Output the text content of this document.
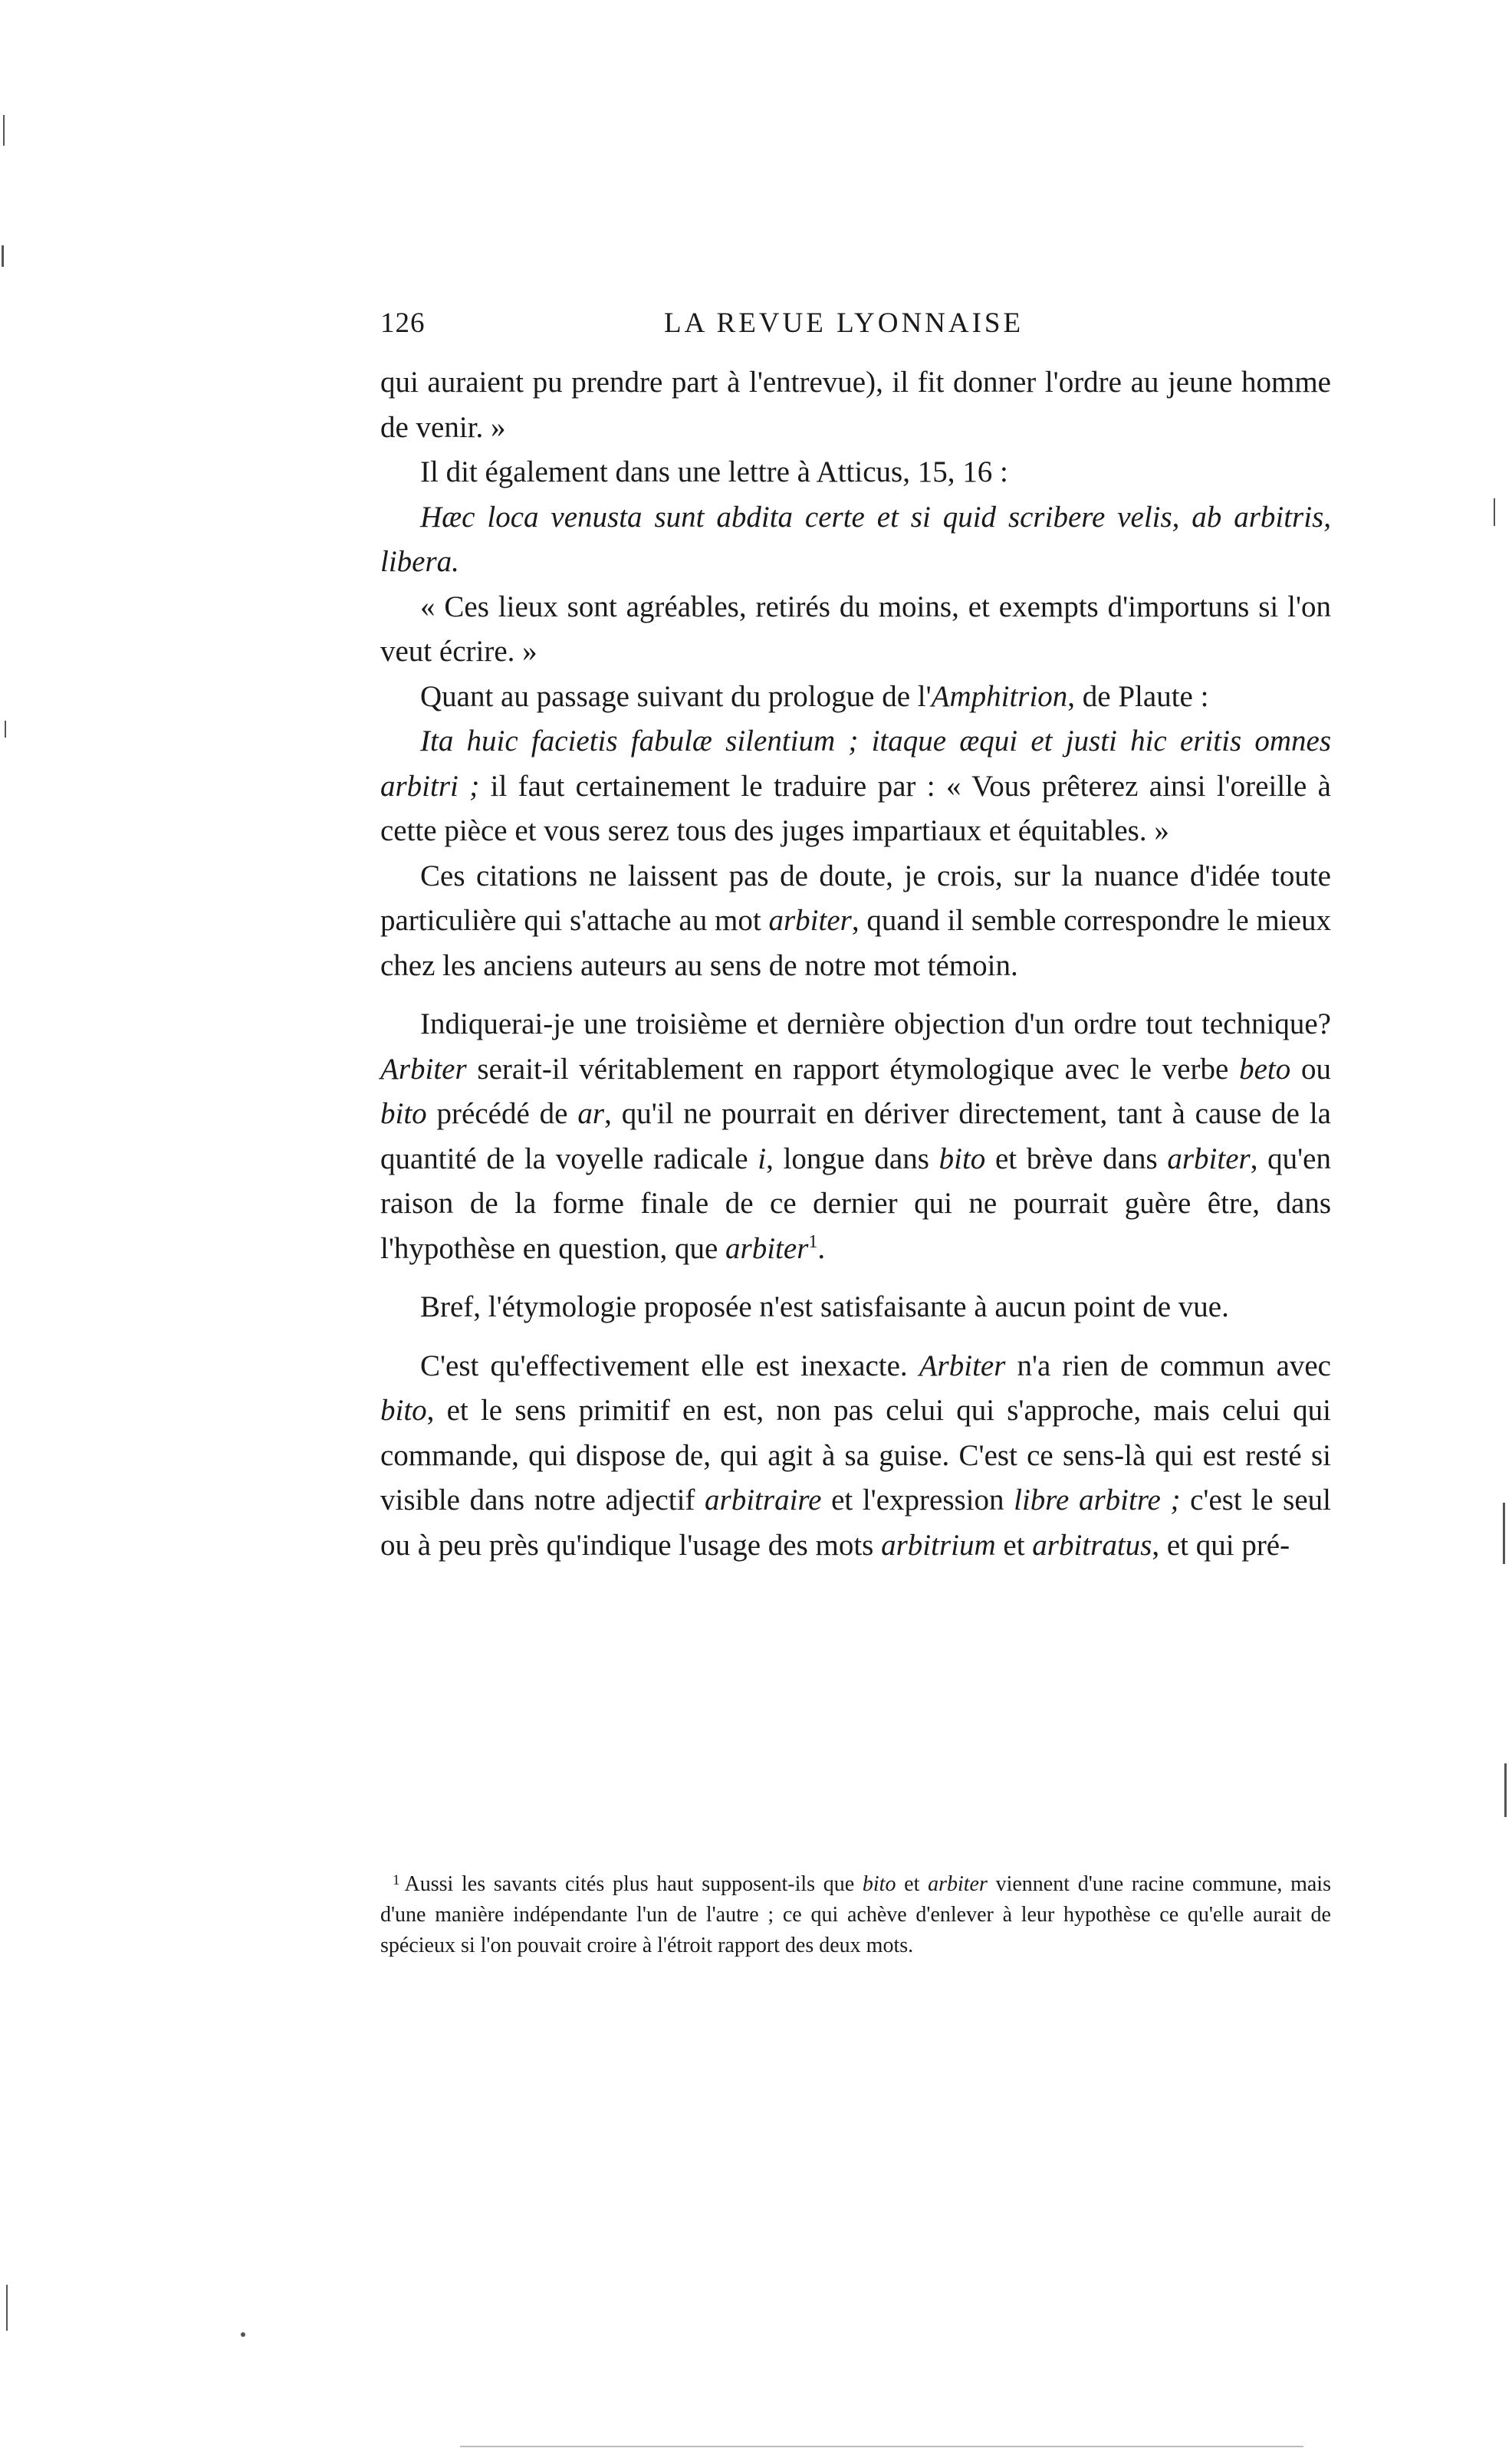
126	LA REVUE LYONNAISE

qui auraient pu prendre part à l'entrevue), il fit donner l'ordre au jeune homme de venir. »

Il dit également dans une lettre à Atticus, 15, 16 :

Hæc loca venusta sunt abdita certe et si quid scribere velis, ab arbitris, libera.

« Ces lieux sont agréables, retirés du moins, et exempts d'importuns si l'on veut écrire. »

Quant au passage suivant du prologue de l'Amphitrion, de Plaute :

Ita huic facietis fabulæ silentium ; itaque æqui et justi hic eritis omnes arbitri ; il faut certainement le traduire par : « Vous prêterez ainsi l'oreille à cette pièce et vous serez tous des juges impartiaux et équitables. »

Ces citations ne laissent pas de doute, je crois, sur la nuance d'idée toute particulière qui s'attache au mot arbiter, quand il semble correspondre le mieux chez les anciens auteurs au sens de notre mot témoin.

Indiquerai-je une troisième et dernière objection d'un ordre tout technique? Arbiter serait-il véritablement en rapport étymologique avec le verbe beto ou bito précédé de ar, qu'il ne pourrait en dériver directement, tant à cause de la quantité de la voyelle radicale i, longue dans bito et brève dans arbiter, qu'en raison de la forme finale de ce dernier qui ne pourrait guère être, dans l'hypothèse en question, que arbiter$^1$.

Bref, l'étymologie proposée n'est satisfaisante à aucun point de vue.

C'est qu'effectivement elle est inexacte. Arbiter n'a rien de commun avec bito, et le sens primitif en est, non pas celui qui s'approche, mais celui qui commande, qui dispose de, qui agit à sa guise. C'est ce sens-là qui est resté si visible dans notre adjectif arbitraire et l'expression libre arbitre ; c'est le seul ou à peu près qu'indique l'usage des mots arbitrium et arbitratus, et qui pré-

$^1$ Aussi les savants cités plus haut supposent-ils que bito et arbiter viennent d'une racine commune, mais d'une manière indépendante l'un de l'autre ; ce qui achève d'enlever à leur hypothèse ce qu'elle aurait de spécieux si l'on pouvait croire à l'étroit rapport des deux mots.
